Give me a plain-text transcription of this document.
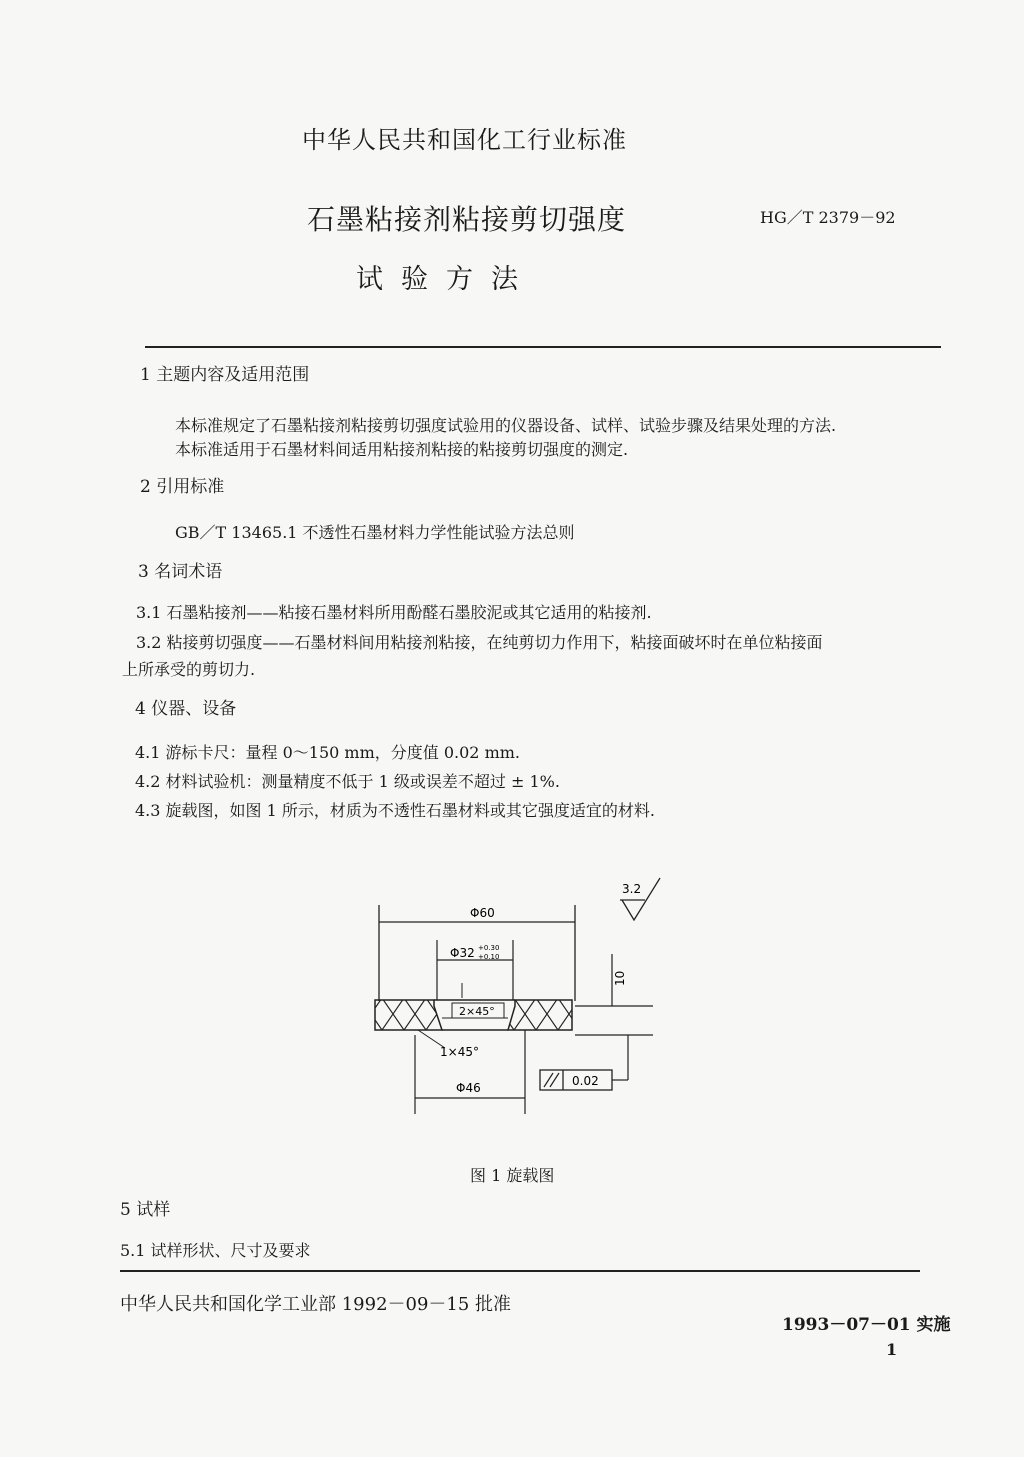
中华人民共和国化工行业标准
石墨粘接剂粘接剪切强度	HG／T 2379－92
试验方法
1 主题内容及适用范围
本标准规定了石墨粘接剂粘接剪切强度试验用的仪器设备、试样、试验步骤及结果处理的方法.
本标准适用于石墨材料间适用粘接剂粘接的粘接剪切强度的测定.
2 引用标准
GB／T 13465.1 不透性石墨材料力学性能试验方法总则
3 名词术语
3.1 石墨粘接剂——粘接石墨材料所用酚醛石墨胶泥或其它适用的粘接剂.
3.2 粘接剪切强度——石墨材料间用粘接剂粘接，在纯剪切力作用下，粘接面破坏时在单位粘接面
上所承受的剪切力.
4 仪器、设备
4.1 游标卡尺：量程 0～150 mm，分度值 0.02 mm.
4.2 材料试验机：测量精度不低于 1 级或误差不超过 ± 1%.
4.3 旋载图，如图 1 所示，材质为不透性石墨材料或其它强度适宜的材料.
Φ60
Φ32 +0.30
+0.10
2×45°
10
1×45°
Φ46
3.2
0.02
图 1 旋载图
5 试样
5.1 试样形状、尺寸及要求
中华人民共和国化学工业部 1992－09－15 批准
1993－07－01 实施
1
